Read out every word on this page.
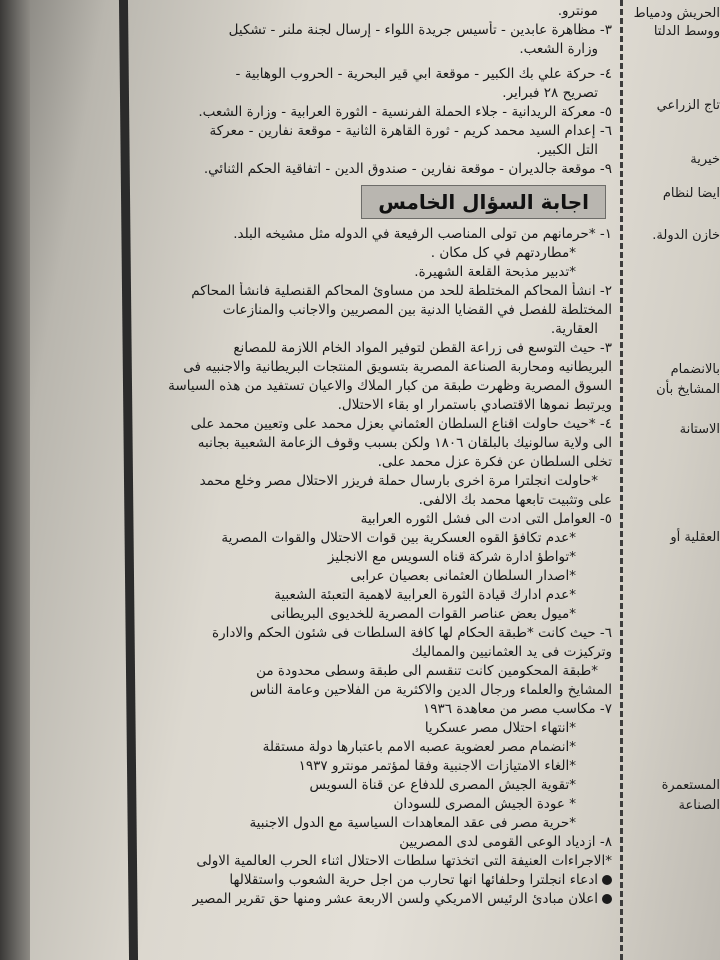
مونترو.
٣- مظاهرة عابدين - تأسيس جريدة اللواء - إرسال لجنة ملنر - تشكيل
وزارة الشعب.
٤- حركة علي بك الكبير - موقعة ابي قير البحرية - الحروب الوهابية -
تصريح ٢٨ فبراير.
٥- معركة الريدانية - جلاء الحملة الفرنسية - الثورة العرابية - وزارة الشعب.
٦- إعدام السيد محمد كريم - ثورة القاهرة الثانية - موقعة نفارين - معركة
التل الكبير.
٩- موقعة جالديران - موقعة نفارين - صندوق الدين - اتفاقية الحكم الثنائي.
اجابة السؤال الخامس
١- *حرمانهم من تولى المناصب الرفيعة في الدوله مثل مشيخه البلد.
*مطاردتهم في كل مكان .
*تدبير مذبحة القلعة الشهيرة.
٢- انشأ المحاكم المختلطة للحد من مساوئ المحاكم القنصلية فانشأ المحاكم
المختلطة للفصل في القضايا الدنية بين المصريين والاجانب والمنازعات
العقارية.
٣- حيث التوسع فى زراعة القطن لتوفير المواد الخام اللازمة للمصانع
البريطانيه ومحاربة الصناعة المصرية بتسويق المنتجات البريطانية والاجنبيه فى
السوق المصرية وظهرت طبقة من كبار الملاك والاعيان تستفيد من هذه السياسة
ويرتبط نموها الاقتصادي باستمرار او بقاء الاحتلال.
٤- *حيث حاولت اقناع السلطان العثماني بعزل محمد على وتعيين محمد على
الى ولاية سالونيك بالبلقان ١٨٠٦ ولكن بسبب وقوف الزعامة الشعبية بجانبه
تخلى السلطان عن فكرة عزل محمد على.
*حاولت انجلترا مرة اخرى بارسال حملة فريزر الاحتلال مصر وخلع محمد
على وتثبيت تابعها محمد بك الالفى.
٥- العوامل التى ادت الى فشل الثوره العرابية
*عدم تكافؤ القوه العسكرية بين قوات الاحتلال والقوات المصرية
*تواطؤ ادارة شركة قناه السويس مع الانجليز
*اصدار السلطان العثمانى بعصيان عرابى
*عدم ادارك قيادة الثورة العرابية لاهمية التعبئة الشعبية
*ميول بعض عناصر القوات المصرية للخديوى البريطانى
٦- حيث كانت *طبقة الحكام لها كافة السلطات فى شئون الحكم والادارة
وتركيزت فى يد العثمانيين والمماليك
*طبقة المحكومين كانت تنقسم الى طبقة وسطى محدودة من
المشايخ والعلماء ورجال الدين والاكثرية من الفلاحين وعامة الناس
٧- مكاسب مصر من معاهدة ١٩٣٦
*انتهاء احتلال مصر عسكريا
*انضمام مصر لعضوية عصبه الامم باعتبارها دولة مستقلة
*الغاء الامتيازات الاجنبية وفقا لمؤتمر مونترو ١٩٣٧
*تقوية الجيش المصرى للدفاع عن قناة السويس
* عودة الجيش المصرى للسودان
*حرية مصر فى عقد المعاهدات السياسية مع الدول الاجنبية
٨- ازدياد الوعى القومى لدى المصريين
*الاجراءات العنيفة التى اتخذتها سلطات الاحتلال اثناء الحرب العالمية الاولى
ادعاء انجلترا وحلفائها انها تحارب من اجل حرية الشعوب واستقلالها
اعلان مبادئ الرئيس الامريكي ولسن الاربعة عشر ومنها حق تقرير المصير
الحريش ودمياط
ووسط الدلتا
تاج الزراعي
خيرية
ايضا لنظام
خازن الدولة.
بالانضمام
المشايخ بأن
الاستانة
العقلية أو
المستعمرة
الصناعة
